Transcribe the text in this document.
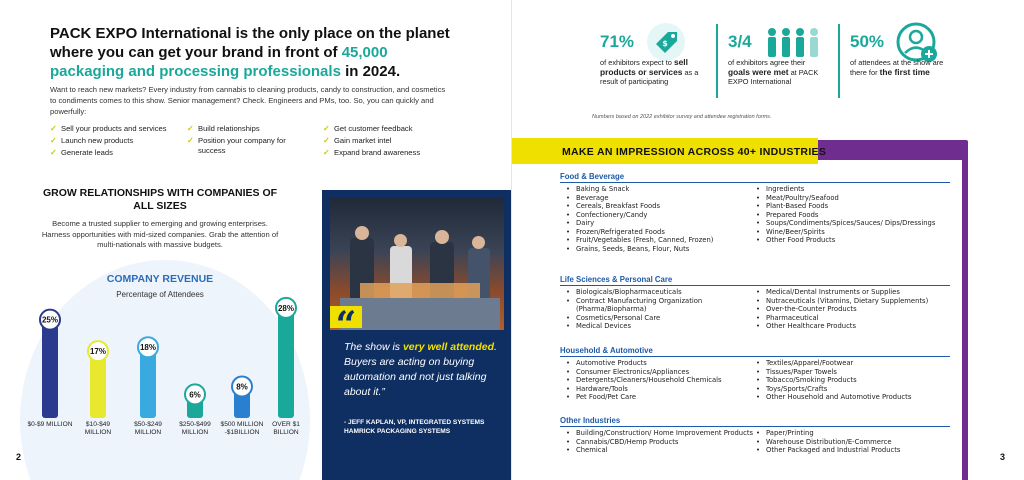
PACK EXPO International is the only place on the planet where you can get your brand in front of 45,000 packaging and processing professionals in 2024.

Want to reach new markets? Every industry from cannabis to cleaning products, candy to construction, and cosmetics to condiments comes to this show. Senior management? Check. Engineers and PMs, too. So, you can quickly and powerfully:

✓ Sell your products and services
✓ Launch new products
✓ Generate leads
✓ Build relationships
✓ Position your company for success
✓ Get customer feedback
✓ Gain market intel
✓ Expand brand awareness
GROW RELATIONSHIPS WITH COMPANIES OF ALL SIZES

Become a trusted supplier to emerging and growing enterprises. Harness opportunities with mid-sized companies. Grab the attention of multi-nationals with massive budgets.

COMPANY REVENUE
Percentage of Attendees
25%
17%	18%
6%
8%
28%
$0-$9 MILLION	$10-$49 MILLION
$50-$249 MILLION
$250-$499 MILLION
$500 MILLION -$1BILLION
OVER $1 BILLION
“

The show is very well attended. Buyers are acting on buying automation and not just talking about it.”

- JEFF KAPLAN, VP, INTEGRATED SYSTEMS HAMRICK PACKAGING SYSTEMS

2
71%	$
of exhibitors expect to sell products or services as a result of participating
3/4
of exhibitors agree their goals were met at PACK EXPO International
50%
of attendees at the show are there for the first time
Numbers based on 2022 exhibitor survey and attendee registration forms.
MAKE AN IMPRESSION ACROSS 40+ INDUSTRIES
Food & Beverage
• Baking & Snack
• Beverage
• Cereals, Breakfast Foods
• Confectionery/Candy
• Dairy
• Frozen/Refrigerated Foods
• Fruit/Vegetables (Fresh, Canned, Frozen)
• Grains, Seeds, Beans, Flour, Nuts
• Ingredients
• Meat/Poultry/Seafood
• Plant-Based Foods
• Prepared Foods
• Soups/Condiments/Spices/Sauces/ Dips/Dressings
• Wine/Beer/Spirits
• Other Food Products
Life Sciences & Personal Care
• Biologicals/Biopharmaceuticals
• Contract Manufacturing Organization (Pharma/Biopharma)
• Cosmetics/Personal Care
• Medical Devices
• Medical/Dental Instruments or Supplies
• Nutraceuticals (Vitamins, Dietary Supplements)
• Over-the-Counter Products
• Pharmaceutical
• Other Healthcare Products
Household & Automotive
• Automotive Products
• Consumer Electronics/Appliances
• Detergents/Cleaners/Household Chemicals
• Hardware/Tools
• Pet Food/Pet Care
• Textiles/Apparel/Footwear
• Tissues/Paper Towels
• Tobacco/Smoking Products
• Toys/Sports/Crafts
• Other Household and Automotive Products
Other Industries
• Building/Construction/ Home Improvement Products
• Cannabis/CBD/Hemp Products
• Chemical
• Paper/Printing
• Warehouse Distribution/E-Commerce
• Other Packaged and Industrial Products
3
